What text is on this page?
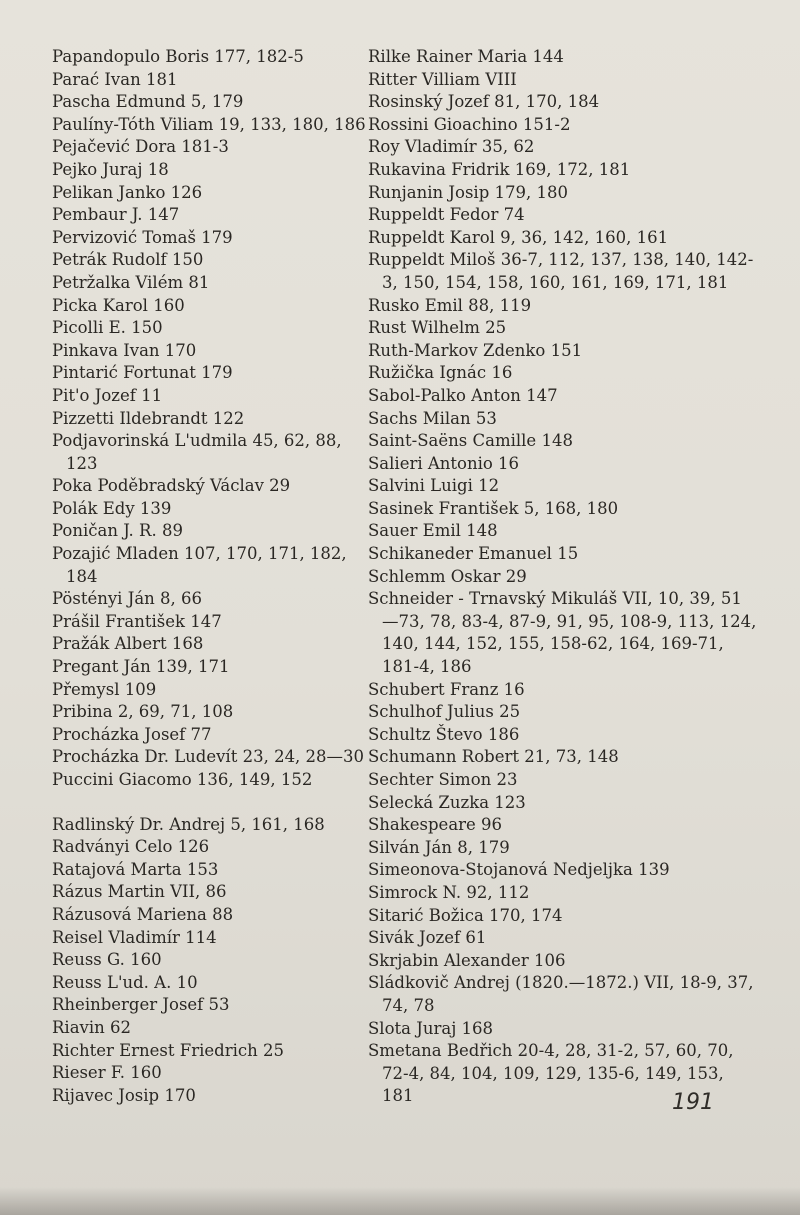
Papandopulo Boris 177, 182-5
Parać Ivan 181
Pascha Edmund 5, 179
Paulíny-Tóth Viliam 19, 133, 180, 186
Pejačević Dora 181-3
Pejko Juraj 18
Pelikan Janko 126
Pembaur J. 147
Pervizović Tomaš 179
Petrák Rudolf 150
Petržalka Vilém 81
Picka Karol 160
Picolli E. 150
Pinkava Ivan 170
Pintarić Fortunat 179
Pit'o Jozef 11
Pizzetti Ildebrandt 122
Podjavorinská L'udmila 45, 62, 88, 123
Poka Poděbradský Václav 29
Polák Edy 139
Poničan J. R. 89
Pozajić Mladen 107, 170, 171, 182, 184
Pöstényi Ján 8, 66
Prášil František 147
Pražák Albert 168
Pregant Ján 139, 171
Přemysl 109
Pribina 2, 69, 71, 108
Procházka Josef 77
Procházka Dr. Ludevít 23, 24, 28—30
Puccini Giacomo 136, 149, 152
Radlinský Dr. Andrej 5, 161, 168
Radványi Celo 126
Ratajová Marta 153
Rázus Martin VII, 86
Rázusová Mariena 88
Reisel Vladimír 114
Reuss G. 160
Reuss L'ud. A. 10
Rheinberger Josef 53
Riavin 62
Richter Ernest Friedrich 25
Rieser F. 160
Rijavec Josip 170
Rilke Rainer Maria 144
Ritter Villiam VIII
Rosinský Jozef 81, 170, 184
Rossini Gioachino 151-2
Roy Vladimír 35, 62
Rukavina Fridrik 169, 172, 181
Runjanin Josip 179, 180
Ruppeldt Fedor 74
Ruppeldt Karol 9, 36, 142, 160, 161
Ruppeldt Miloš 36-7, 112, 137, 138, 140, 142-3, 150, 154, 158, 160, 161, 169, 171, 181
Rusko Emil 88, 119
Rust Wilhelm 25
Ruth-Markov Zdenko 151
Ružička Ignác 16
Sabol-Palko Anton 147
Sachs Milan 53
Saint-Saëns Camille 148
Salieri Antonio 16
Salvini Luigi 12
Sasinek František 5, 168, 180
Sauer Emil 148
Schikaneder Emanuel 15
Schlemm Oskar 29
Schneider - Trnavský Mikuláš VII, 10, 39, 51—73, 78, 83-4, 87-9, 91, 95, 108-9, 113, 124, 140, 144, 152, 155, 158-62, 164, 169-71, 181-4, 186
Schubert Franz 16
Schulhof Julius 25
Schultz Števo 186
Schumann Robert 21, 73, 148
Sechter Simon 23
Selecká Zuzka 123
Shakespeare 96
Silván Ján 8, 179
Simeonova-Stojanová Nedjeljka 139
Simrock N. 92, 112
Sitarić Božica 170, 174
Sivák Jozef 61
Skrjabin Alexander 106
Sládkovič Andrej (1820.—1872.) VII, 18-9, 37, 74, 78
Slota Juraj 168
Smetana Bedřich 20-4, 28, 31-2, 57, 60, 70, 72-4, 84, 104, 109, 129, 135-6, 149, 153, 181	191
